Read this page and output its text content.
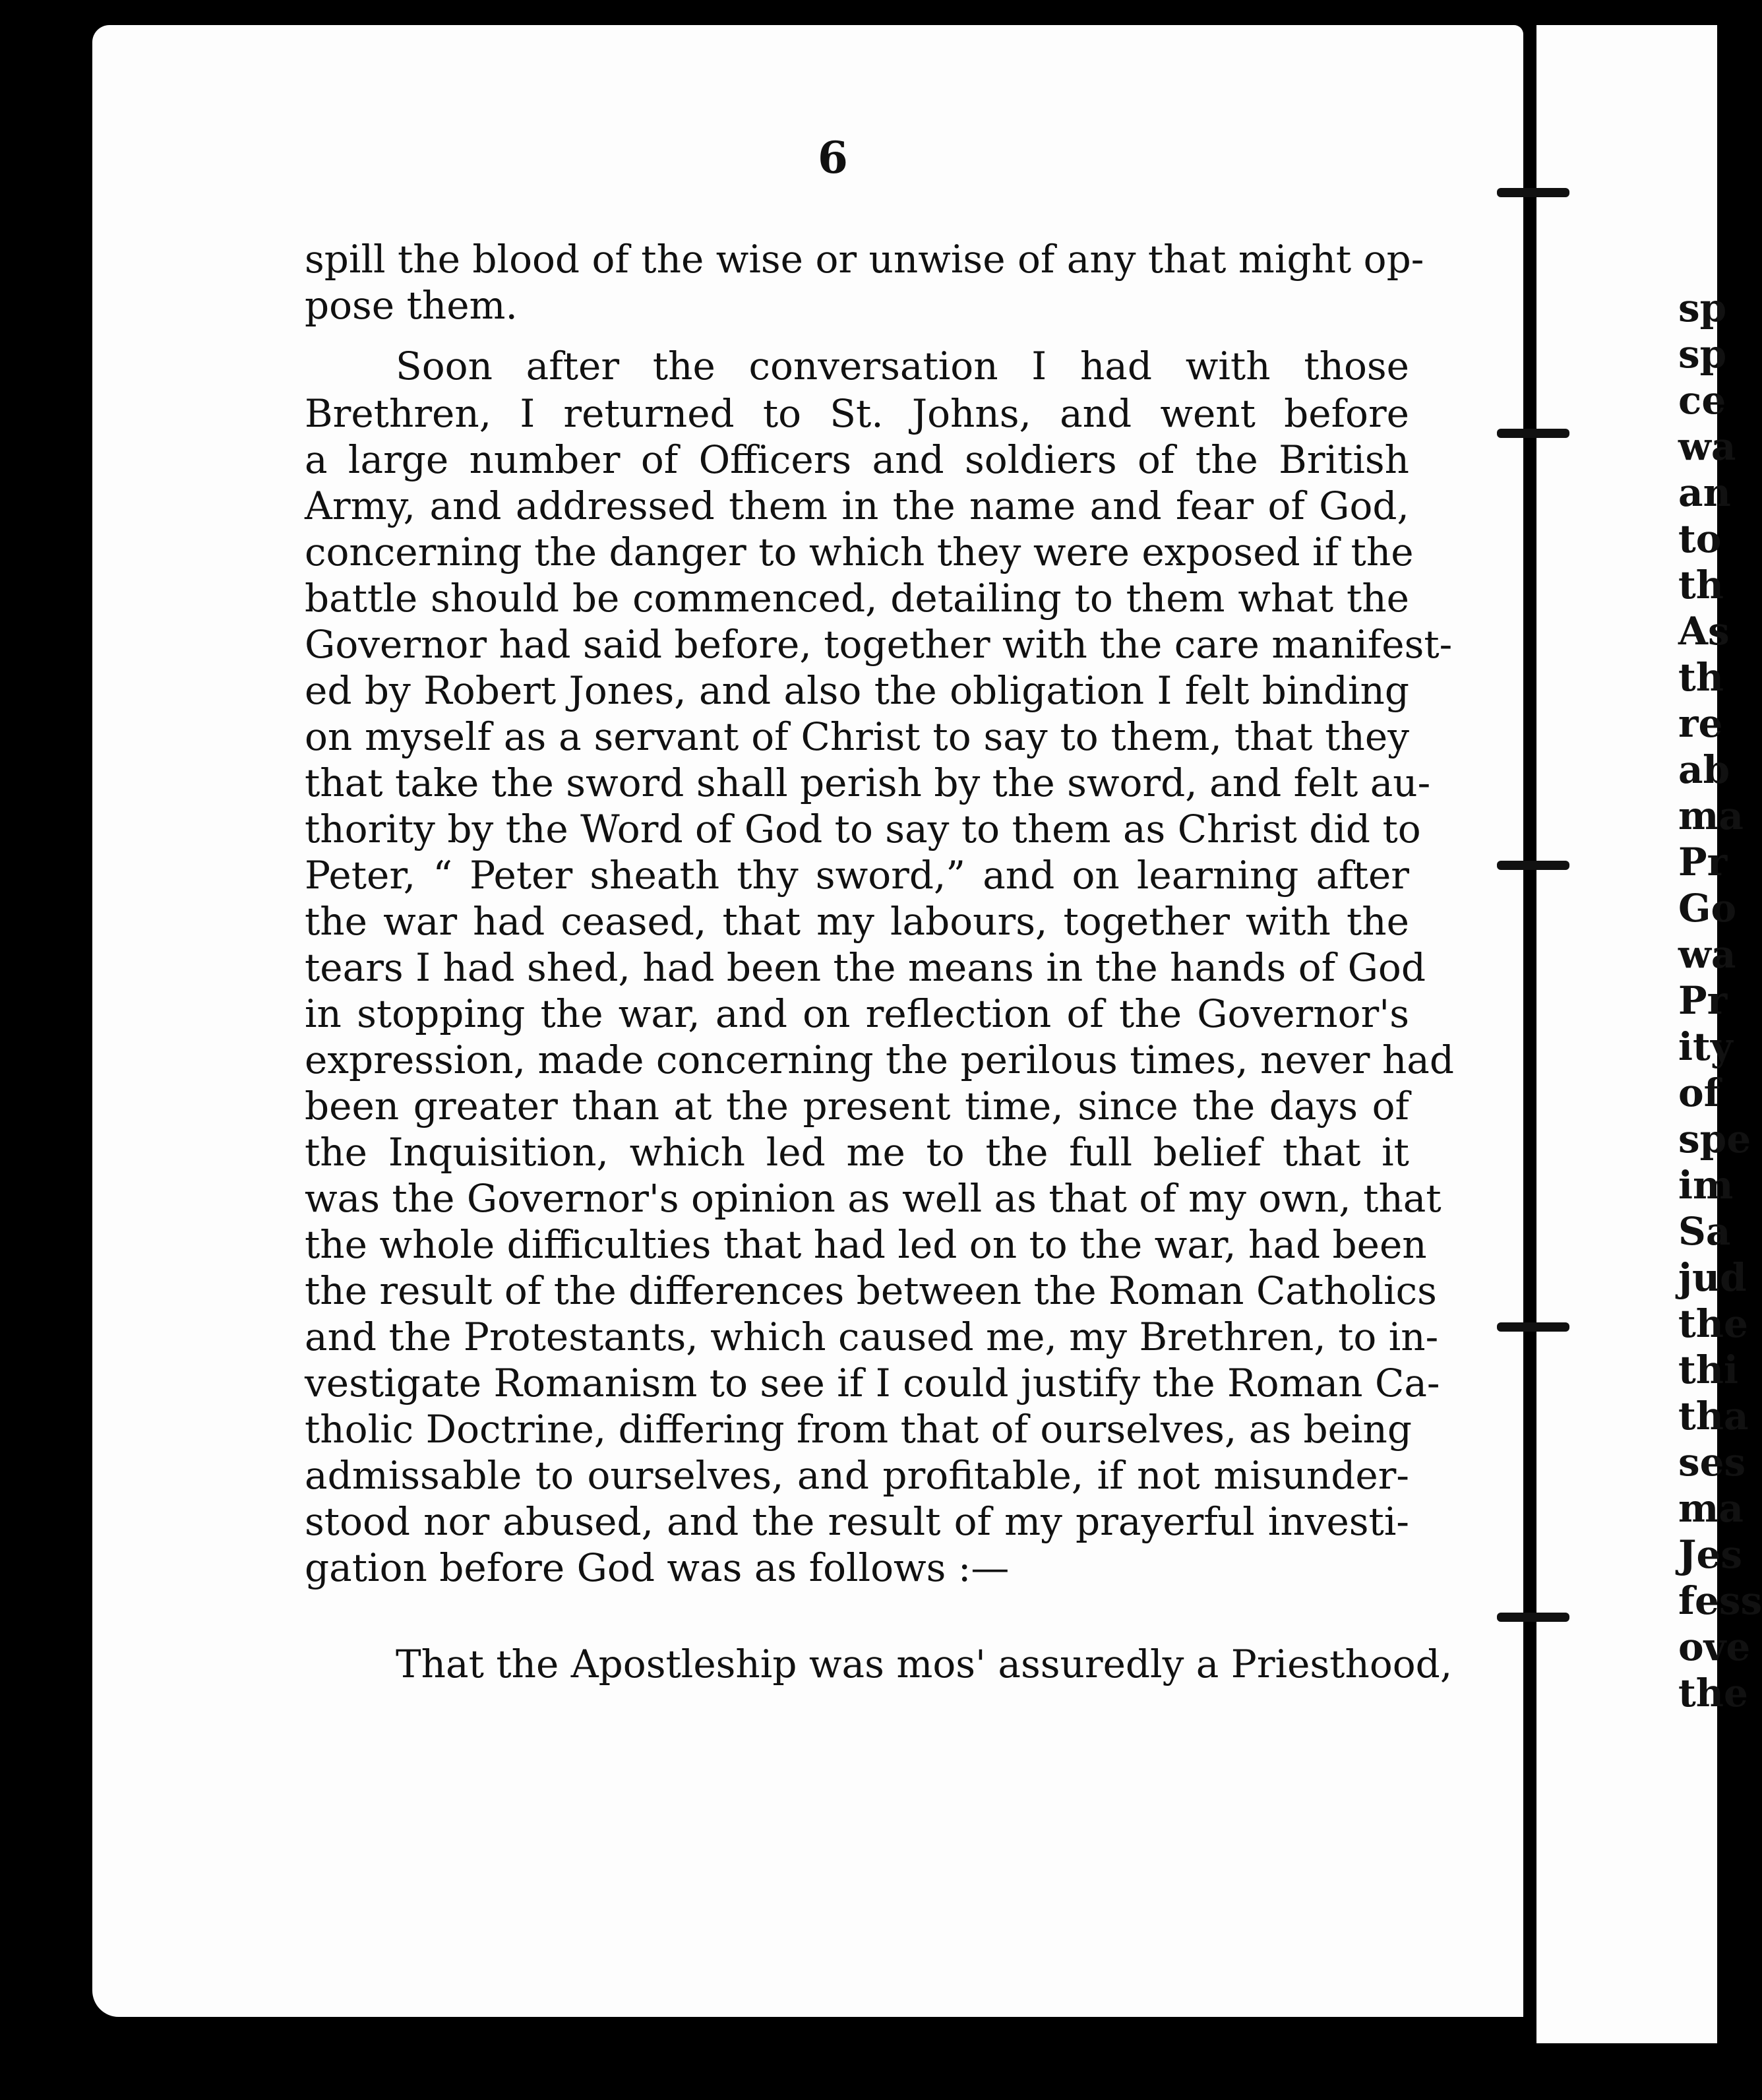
6
spill the blood of the wise or unwise of any that might op-
pose them.
Soon after the conversation I had with those
Brethren, I returned to St. Johns, and went before
a large number of Officers and soldiers of the British
Army, and addressed them in the name and fear of God,
concerning the danger to which they were exposed if the
battle should be commenced, detailing to them what the
Governor had said before, together with the care manifest-
ed by Robert Jones, and also the obligation I felt binding
on myself as a servant of Christ to say to them, that they
that take the sword shall perish by the sword, and felt au-
thority by the Word of God to say to them as Christ did to
Peter, “ Peter sheath thy sword,” and on learning after
the war had ceased, that my labours, together with the
tears I had shed, had been the means in the hands of God
in stopping the war, and on reflection of the Governor's
expression, made concerning the perilous times, never had
been greater than at the present time, since the days of
the Inquisition, which led me to the full belief that it
was the Governor's opinion as well as that of my own, that
the whole difficulties that had led on to the war, had been
the result of the differences between the Roman Catholics
and the Protestants, which caused me, my Brethren, to in-
vestigate Romanism to see if I could justify the Roman Ca-
tholic Doctrine, differing from that of ourselves, as being
admissable to ourselves, and profitable, if not misunder-
stood nor abused, and the result of my prayerful investi-
gation before God was as follows :—
That the Apostleship was mos' assuredly a Priesthood,
sp
sp
ce
wa
an
to
th
As
th
re
ab
ma
Pr
Go
wa
Pr
ity
of
spe
im
Sa
jud
the
thi
tha
ses
ma
Jes
fess
ove
the
